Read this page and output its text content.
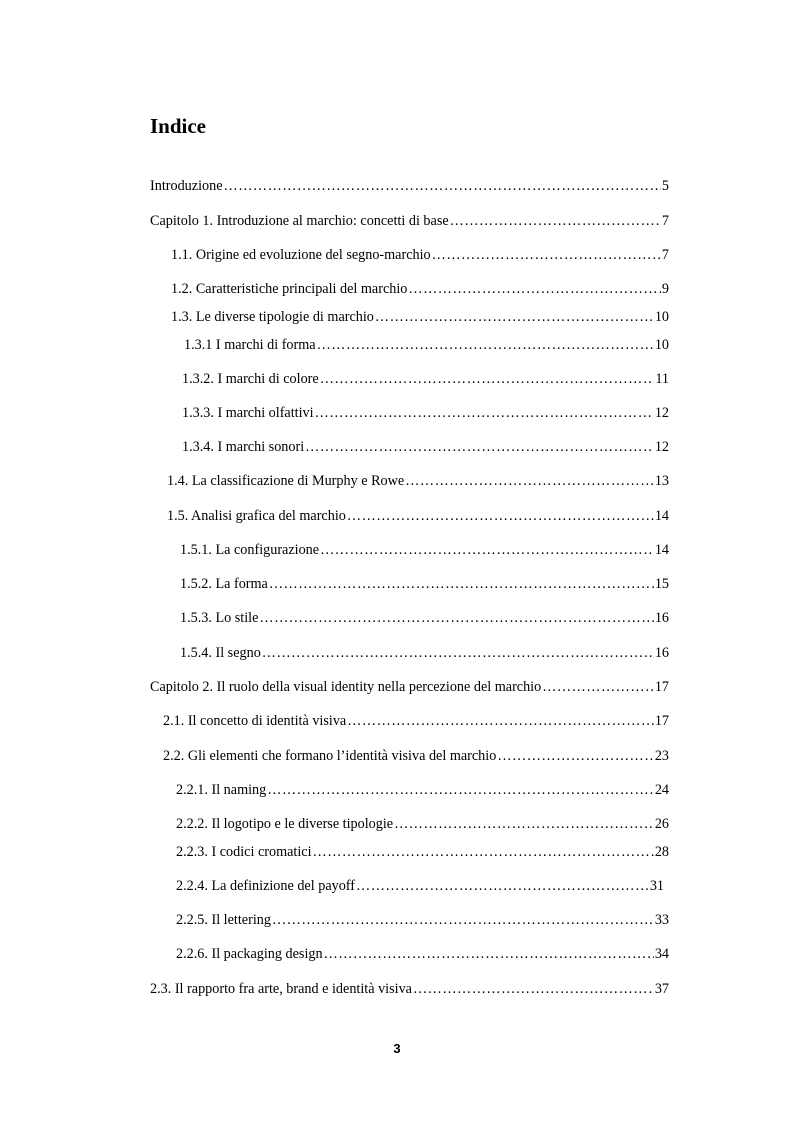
Indice
Introduzione ……………………………………………………………………………………………………………………………………………………………………	5
Capitolo 1. Introduzione al marchio: concetti di base ……………………………………………………………………………………………………………………………………………………………………	7
1.1. Origine ed evoluzione del segno-marchio ……………………………………………………………………………………………………………………………………………………………………	7
1.2. Caratteristiche principali del marchio ……………………………………………………………………………………………………………………………………………………………………	9
1.3. Le diverse tipologie di marchio ……………………………………………………………………………………………………………………………………………………………………	10
1.3.1 I marchi di forma ……………………………………………………………………………………………………………………………………………………………………	10
1.3.2. I marchi di colore ……………………………………………………………………………………………………………………………………………………………………	11
1.3.3. I marchi olfattivi ……………………………………………………………………………………………………………………………………………………………………	12
1.3.4. I marchi sonori ……………………………………………………………………………………………………………………………………………………………………	12
1.4. La classificazione di Murphy e Rowe ……………………………………………………………………………………………………………………………………………………………………	13
1.5. Analisi grafica del marchio ……………………………………………………………………………………………………………………………………………………………………	14
1.5.1. La configurazione ……………………………………………………………………………………………………………………………………………………………………	14
1.5.2. La forma ……………………………………………………………………………………………………………………………………………………………………	15
1.5.3. Lo stile ……………………………………………………………………………………………………………………………………………………………………	16
1.5.4. Il segno ……………………………………………………………………………………………………………………………………………………………………	16
Capitolo 2. Il ruolo della visual identity nella percezione del marchio ……………………………………………………………………………………………………………………………………………………………………	17
2.1. Il concetto di identità visiva ……………………………………………………………………………………………………………………………………………………………………	17
2.2. Gli elementi che formano l’identità visiva del marchio ……………………………………………………………………………………………………………………………………………………………………	23
2.2.1. Il naming ……………………………………………………………………………………………………………………………………………………………………	24
2.2.2. Il logotipo e le diverse tipologie ……………………………………………………………………………………………………………………………………………………………………	26
2.2.3. I codici cromatici ……………………………………………………………………………………………………………………………………………………………………	28
2.2.4. La definizione del payoff ……………………………………………………………………………………………………………………………………………………………………	31
2.2.5. Il lettering ……………………………………………………………………………………………………………………………………………………………………	33
2.2.6. Il packaging design ……………………………………………………………………………………………………………………………………………………………………	34
2.3. Il rapporto fra arte, brand e identità visiva ……………………………………………………………………………………………………………………………………………………………………	37
3
